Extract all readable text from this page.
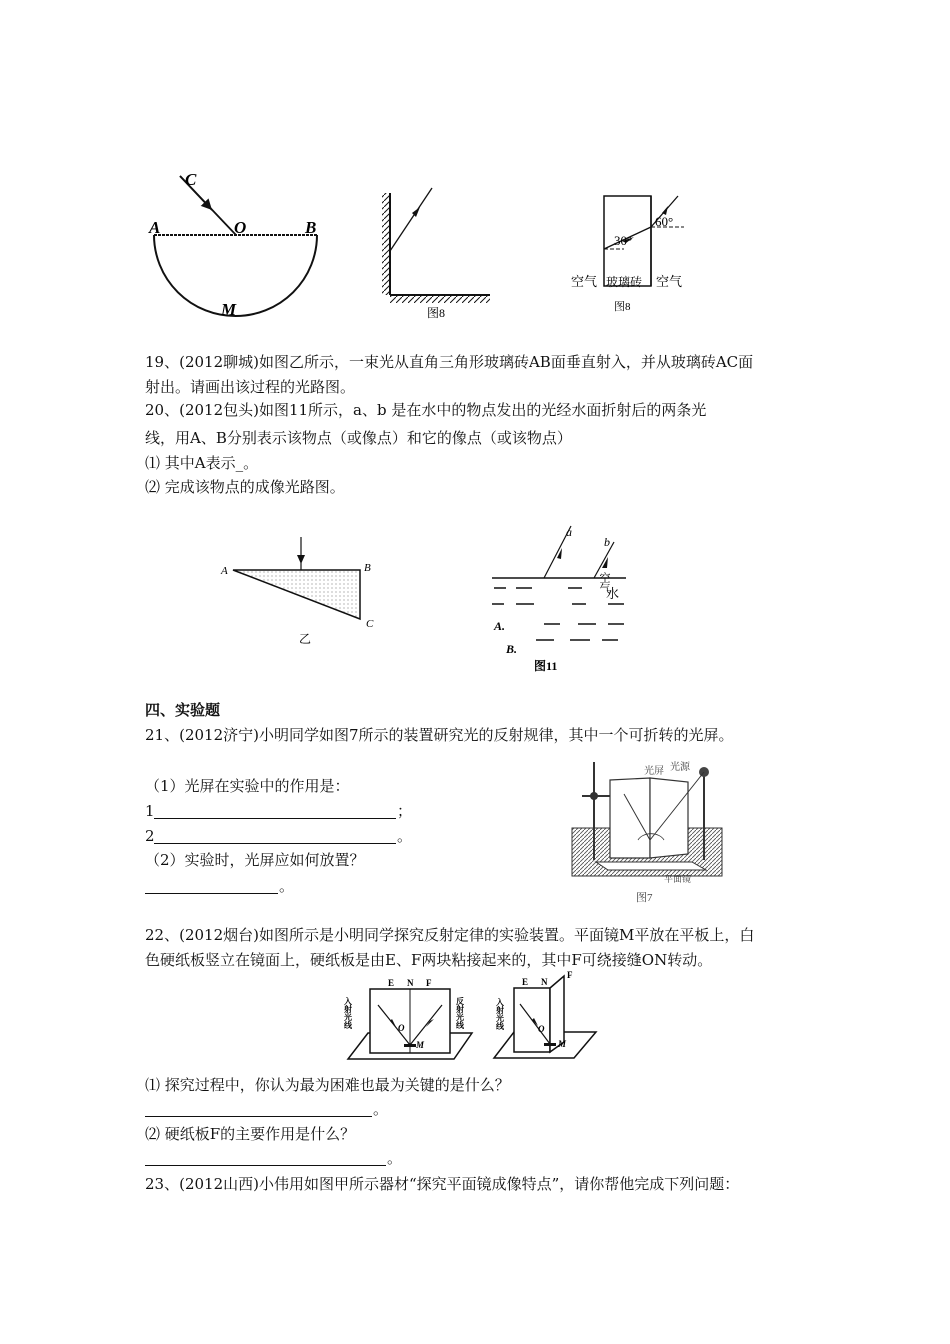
C
A	O	B
M	图8
30°
60°
空气 玻璃砖 空气
图8
19、(2012聊城)如图乙所示，一束光从直角三角形玻璃砖AB面垂直射入，并从玻璃砖AC面
射出。请画出该过程的光路图。
20、(2012包头)如图11所示，a、b 是在水中的物点发出的光经水面折射后的两条光
线，用A、B分别表示该物点（或像点）和它的像点（或该物点）
⑴ 其中A表示_。
⑵ 完成该物点的成像光路图。
A	B
C
乙
a
b
空气
水
A.
B.
图11
四、实验题
21、(2012济宁)小明同学如图7所示的装置研究光的反射规律，其中一个可折转的光屏。
（1）光屏在实验中的作用是：
1	；
2	。
（2）实验时，光屏应如何放置？
。
光屏 光源
平面镜
图7
22、(2012烟台)如图所示是小明同学探究反射定律的实验装置。平面镜M平放在平板上，白
色硬纸板竖立在镜面上，硬纸板是由E、F两块粘接起来的，其中F可绕接缝ON转动。
E N F
O
M
入射光线	反射光线
E N
F
O
M
入射光线
⑴ 探究过程中，你认为最为困难也最为关键的是什么？
。
⑵ 硬纸板F的主要作用是什么？
。
23、(2012山西)小伟用如图甲所示器材“探究平面镜成像特点”，请你帮他完成下列问题：
